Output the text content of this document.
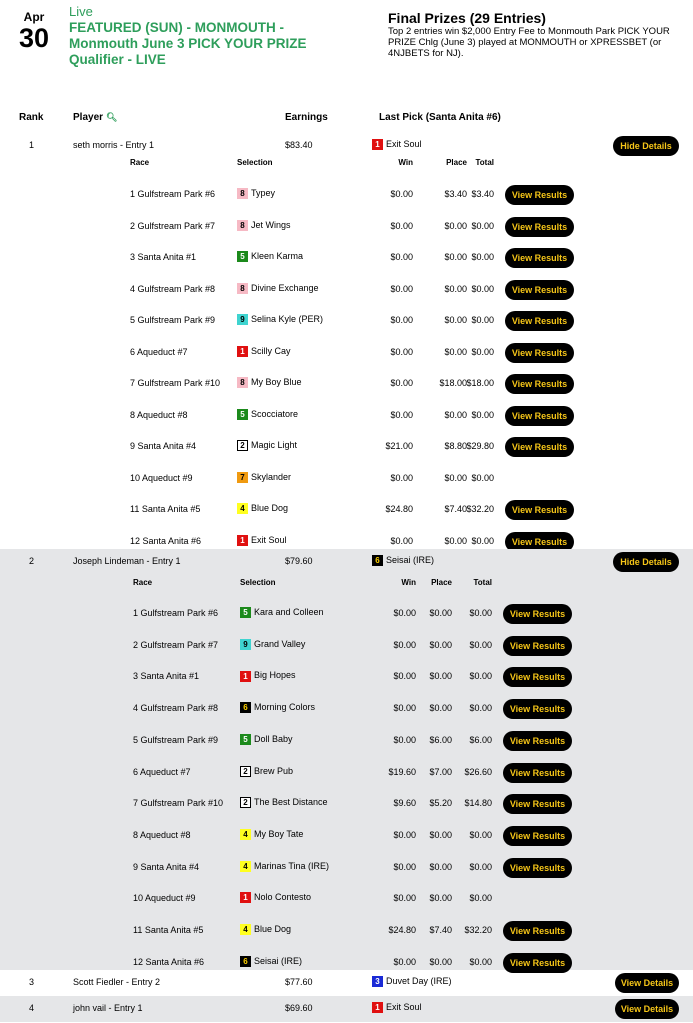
Apr
30
Live
FEATURED (SUN) - MONMOUTH - Monmouth June 3 PICK YOUR PRIZE Qualifier - LIVE
Final Prizes (29 Entries)
Top 2 entries win $2,000 Entry Fee to Monmouth Park PICK YOUR PRIZE Chlg (June 3) played at MONMOUTH or XPRESSBET (or 4NJBETS for NJ).
Rank	Player 🔍︎	Earnings	Last Pick (Santa Anita #6)
1	seth morris - Entry 1	$83.40	1 Exit Soul	Hide Details
Race	Selection	Win	Place	Total
1 Gulfstream Park #6	8 Typey	$0.00	$3.40 $3.40	View Results
2 Gulfstream Park #7	8 Jet Wings	$0.00	$0.00 $0.00	View Results
3 Santa Anita #1	5 Kleen Karma	$0.00	$0.00 $0.00	View Results
4 Gulfstream Park #8	8 Divine Exchange	$0.00	$0.00 $0.00	View Results
5 Gulfstream Park #9	9 Selina Kyle (PER)	$0.00	$0.00 $0.00	View Results
6 Aqueduct #7	1 Scilly Cay	$0.00	$0.00 $0.00	View Results
7 Gulfstream Park #10	8 My Boy Blue	$0.00	$18.00 $18.00	View Results
8 Aqueduct #8	5 Scocciatore	$0.00	$0.00 $0.00	View Results
9 Santa Anita #4	2 Magic Light	$21.00	$8.80 $29.80	View Results
10 Aqueduct #9	7 Skylander	$0.00	$0.00 $0.00
11 Santa Anita #5	4 Blue Dog	$24.80	$7.40 $32.20	View Results
12 Santa Anita #6	1 Exit Soul	$0.00	$0.00 $0.00	View Results
2	Joseph Lindeman - Entry 1	$79.60	6 Seisai (IRE)	Hide Details
Race	Selection	Win	Place	Total
1 Gulfstream Park #6	5 Kara and Colleen	$0.00	$0.00	$0.00	View Results
2 Gulfstream Park #7	9 Grand Valley	$0.00	$0.00	$0.00	View Results
3 Santa Anita #1	1 Big Hopes	$0.00	$0.00	$0.00	View Results
4 Gulfstream Park #8	6 Morning Colors	$0.00	$0.00	$0.00	View Results
5 Gulfstream Park #9	5 Doll Baby	$0.00	$6.00	$6.00	View Results
6 Aqueduct #7	2 Brew Pub	$19.60	$7.00	$26.60	View Results
7 Gulfstream Park #10	2 The Best Distance	$9.60	$5.20	$14.80	View Results
8 Aqueduct #8	4 My Boy Tate	$0.00	$0.00	$0.00	View Results
9 Santa Anita #4	4 Marinas Tina (IRE)	$0.00	$0.00	$0.00	View Results
10 Aqueduct #9	1 Nolo Contesto	$0.00	$0.00	$0.00
11 Santa Anita #5	4 Blue Dog	$24.80	$7.40	$32.20	View Results
12 Santa Anita #6	6 Seisai (IRE)	$0.00	$0.00	$0.00	View Results
3	Scott Fiedler - Entry 2	$77.60	3 Duvet Day (IRE)	View Details
4	john vail - Entry 1	$69.60	1 Exit Soul	View Details
